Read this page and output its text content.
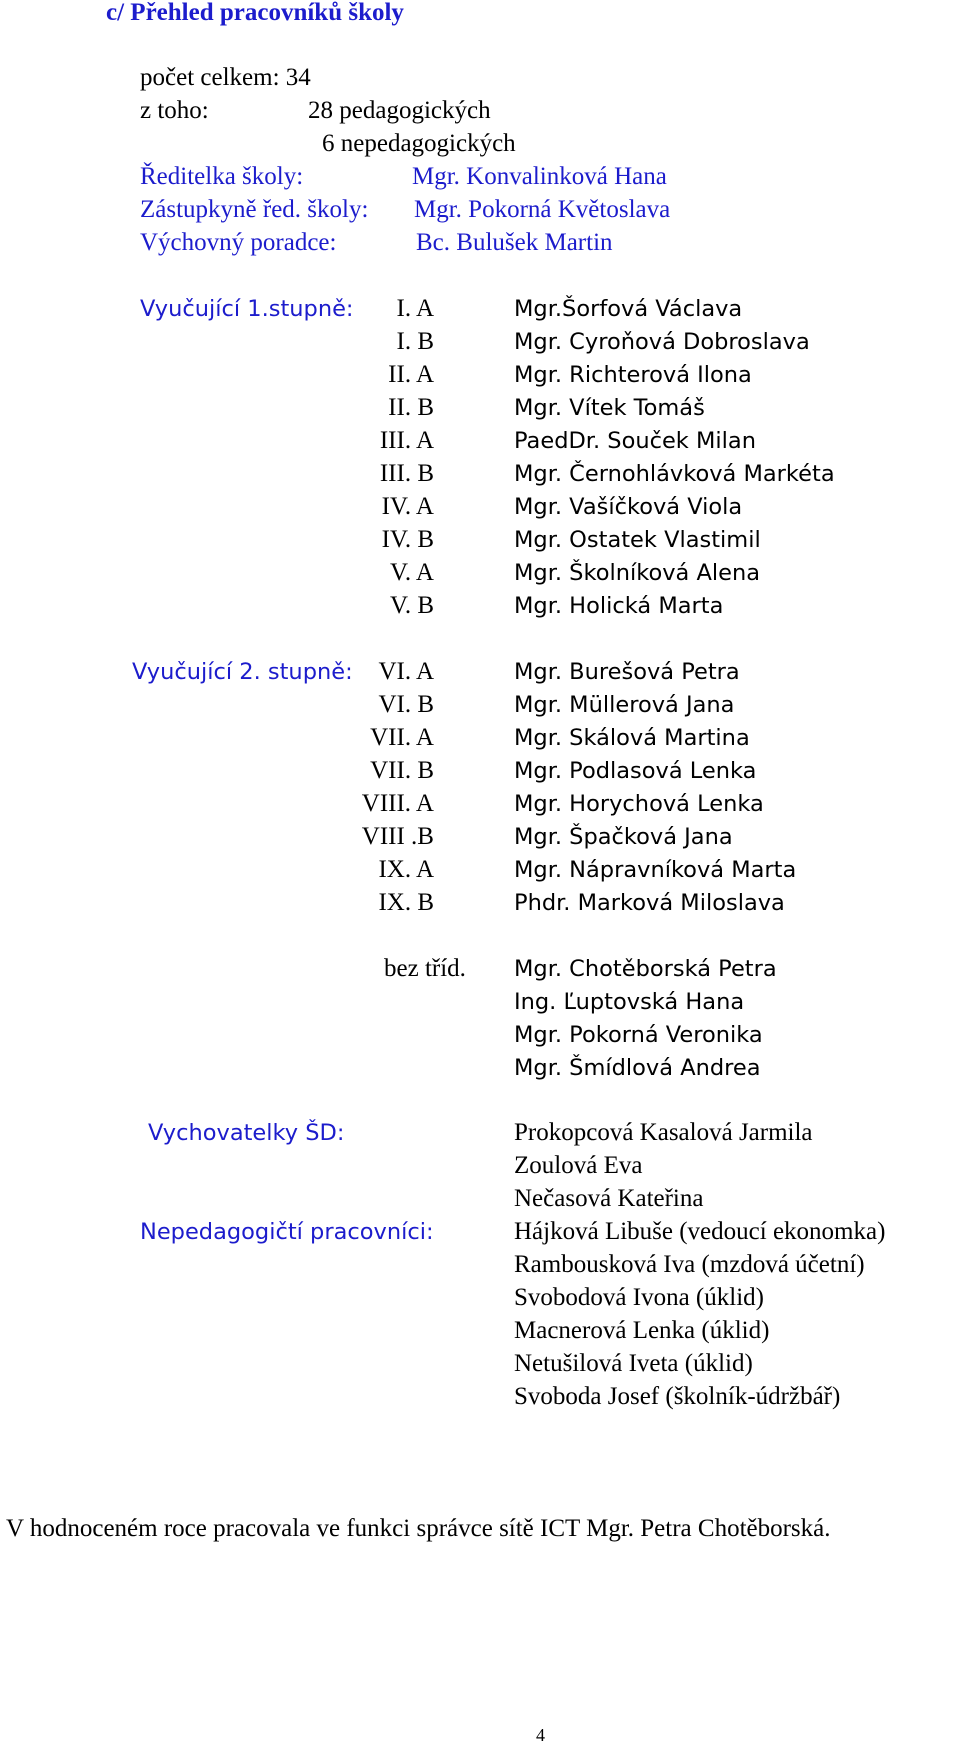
c/ Přehled pracovníků školy
počet celkem: 34
z toho:	28 pedagogických
6 nepedagogických
Ředitelka školy:	Mgr. Konvalinková Hana
Zástupkyně řed. školy: Mgr. Pokorná Květoslava
Výchovný poradce:	Bc. Bulušek Martin
Vyučující 1.stupně: I. A	Mgr.Šorfová Václava
I. B	Mgr. Cyroňová Dobroslava
II. A	Mgr. Richterová Ilona
II. B	Mgr. Vítek Tomáš
III. A	PaedDr. Souček Milan
III. B	Mgr. Černohlávková Markéta
IV. A	Mgr. Vašíčková Viola
IV. B	Mgr. Ostatek Vlastimil
V. A	Mgr. Školníková Alena
V. B	Mgr. Holická Marta
Vyučující 2. stupně: VI. A	Mgr. Burešová Petra
VI. B	Mgr. Müllerová Jana
VII. A	Mgr. Skálová Martina
VII. B	Mgr. Podlasová Lenka
VIII. A	Mgr. Horychová Lenka
VIII .B	Mgr. Špačková Jana
IX. A	Mgr. Nápravníková Marta
IX. B	Phdr. Marková Miloslava
bez tříd. Mgr. Chotěborská Petra
Ing. Ľuptovská Hana
Mgr. Pokorná Veronika
Mgr. Šmídlová Andrea
Vychovatelky ŠD:	Prokopcová Kasalová Jarmila
Zoulová Eva
Nečasová Kateřina
Nepedagogičtí pracovníci:	Hájková Libuše (vedoucí ekonomka)
Rambousková Iva (mzdová účetní)
Svobodová Ivona (úklid)
Macnerová Lenka (úklid)
Netušilová Iveta (úklid)
Svoboda Josef (školník-údržbář)
V hodnoceném roce pracovala ve funkci správce sítě ICT Mgr. Petra Chotěborská.
4
